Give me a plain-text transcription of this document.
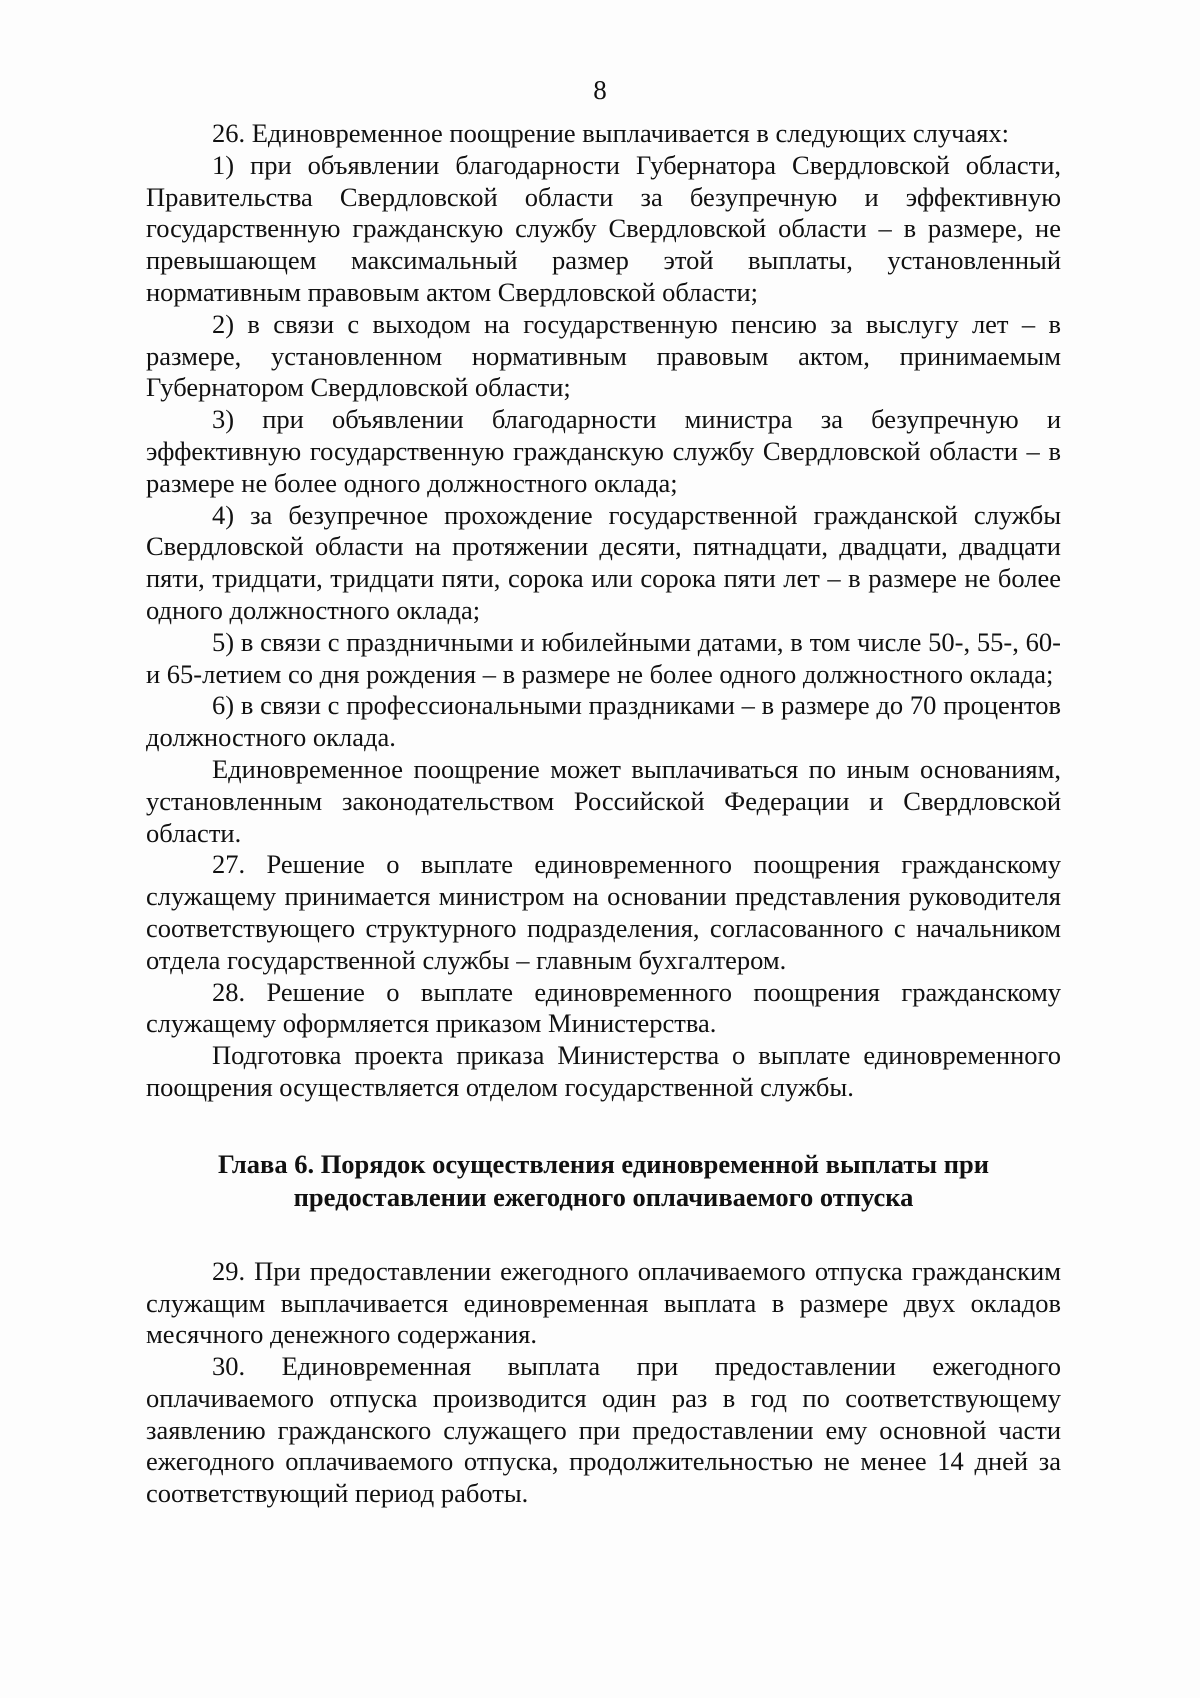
8

26. Единовременное поощрение выплачивается в следующих случаях:

1) при объявлении благодарности Губернатора Свердловской области, Правительства Свердловской области за безупречную и эффективную государственную гражданскую службу Свердловской области – в размере, не превышающем максимальный размер этой выплаты, установленный нормативным правовым актом Свердловской области;

2) в связи с выходом на государственную пенсию за выслугу лет – в размере, установленном нормативным правовым актом, принимаемым Губернатором Свердловской области;

3) при объявлении благодарности министра за безупречную и эффективную государственную гражданскую службу Свердловской области – в размере не более одного должностного оклада;

4) за безупречное прохождение государственной гражданской службы Свердловской области на протяжении десяти, пятнадцати, двадцати, двадцати пяти, тридцати, тридцати пяти, сорока или сорока пяти лет – в размере не более одного должностного оклада;

5) в связи с праздничными и юбилейными датами, в том числе 50-, 55-, 60- и 65-летием со дня рождения – в размере не более одного должностного оклада;

6) в связи с профессиональными праздниками – в размере до 70 процентов должностного оклада.

Единовременное поощрение может выплачиваться по иным основаниям, установленным законодательством Российской Федерации и Свердловской области.

27. Решение о выплате единовременного поощрения гражданскому служащему принимается министром на основании представления руководителя соответствующего структурного подразделения, согласованного с начальником отдела государственной службы – главным бухгалтером.

28. Решение о выплате единовременного поощрения гражданскому служащему оформляется приказом Министерства.

Подготовка проекта приказа Министерства о выплате единовременного поощрения осуществляется отделом государственной службы.

Глава 6. Порядок осуществления единовременной выплаты при
предоставлении ежегодного оплачиваемого отпуска

29. При предоставлении ежегодного оплачиваемого отпуска гражданским служащим выплачивается единовременная выплата в размере двух окладов месячного денежного содержания.

30. Единовременная выплата при предоставлении ежегодного оплачиваемого отпуска производится один раз в год по соответствующему заявлению гражданского служащего при предоставлении ему основной части ежегодного оплачиваемого отпуска, продолжительностью не менее 14 дней за соответствующий период работы.
